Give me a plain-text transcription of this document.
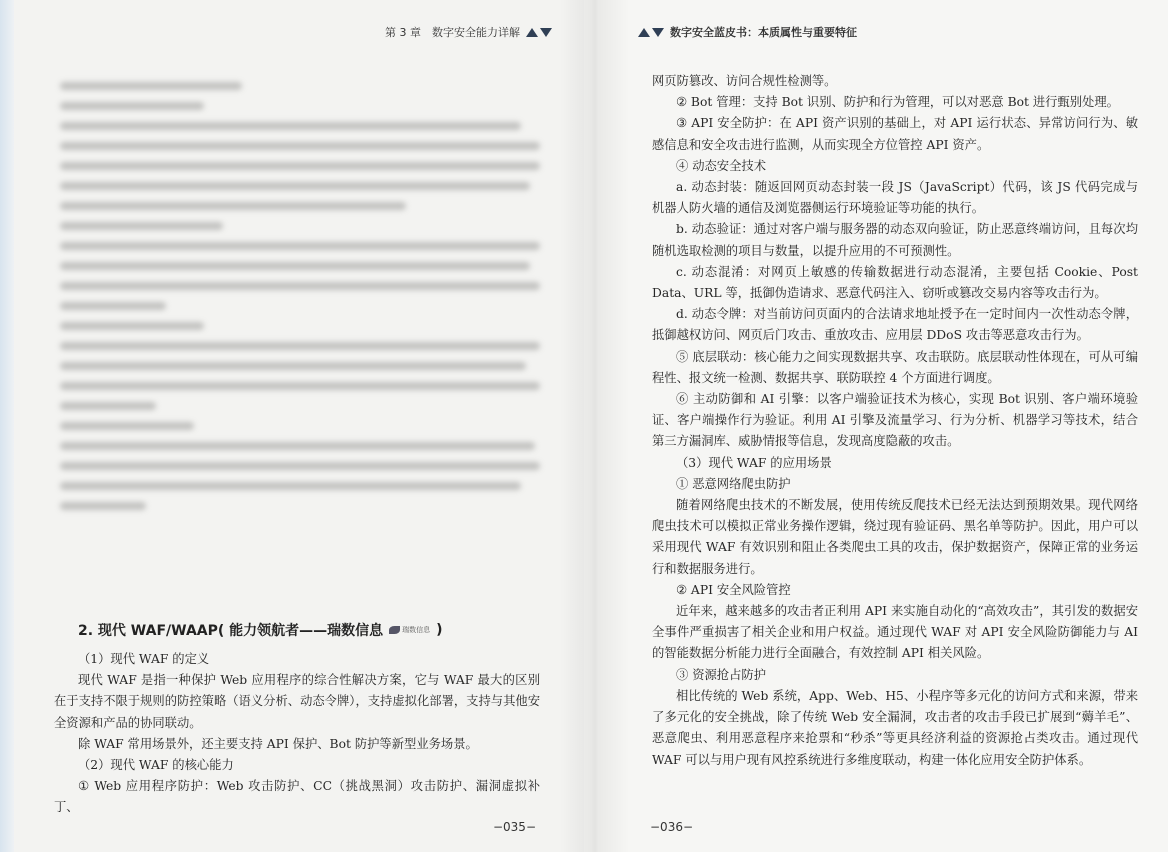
第 3 章　数字安全能力详解
2. 现代 WAF/WAAP( 能力领航者——瑞数信息	瑞数信息 )

（1）现代 WAF 的定义

现代 WAF 是指一种保护 Web 应用程序的综合性解决方案，它与 WAF 最大的区别在于支持不限于规则的防控策略（语义分析、动态令牌），支持虚拟化部署，支持与其他安全资源和产品的协同联动。

除 WAF 常用场景外，还主要支持 API 保护、Bot 防护等新型业务场景。

（2）现代 WAF 的核心能力

① Web 应用程序防护：Web 攻击防护、CC（挑战黑洞）攻击防护、漏洞虚拟补丁、

−035−
数字安全蓝皮书：本质属性与重要特征

网页防篡改、访问合规性检测等。

② Bot 管理：支持 Bot 识别、防护和行为管理，可以对恶意 Bot 进行甄别处理。

③ API 安全防护：在 API 资产识别的基础上，对 API 运行状态、异常访问行为、敏感信息和安全攻击进行监测，从而实现全方位管控 API 资产。

④ 动态安全技术

a. 动态封装：随返回网页动态封装一段 JS（JavaScript）代码，该 JS 代码完成与机器人防火墙的通信及浏览器侧运行环境验证等功能的执行。

b. 动态验证：通过对客户端与服务器的动态双向验证，防止恶意终端访问，且每次均随机选取检测的项目与数量，以提升应用的不可预测性。

c. 动态混淆：对网页上敏感的传输数据进行动态混淆，主要包括 Cookie、Post Data、URL 等，抵御伪造请求、恶意代码注入、窃听或篡改交易内容等攻击行为。

d. 动态令牌：对当前访问页面内的合法请求地址授予在一定时间内一次性动态令牌，抵御越权访问、网页后门攻击、重放攻击、应用层 DDoS 攻击等恶意攻击行为。

⑤ 底层联动：核心能力之间实现数据共享、攻击联防。底层联动性体现在，可从可编程性、报文统一检测、数据共享、联防联控 4 个方面进行调度。

⑥ 主动防御和 AI 引擎：以客户端验证技术为核心，实现 Bot 识别、客户端环境验证、客户端操作行为验证。利用 AI 引擎及流量学习、行为分析、机器学习等技术，结合第三方漏洞库、威胁情报等信息，发现高度隐蔽的攻击。

（3）现代 WAF 的应用场景

① 恶意网络爬虫防护

随着网络爬虫技术的不断发展，使用传统反爬技术已经无法达到预期效果。现代网络爬虫技术可以模拟正常业务操作逻辑，绕过现有验证码、黑名单等防护。因此，用户可以采用现代 WAF 有效识别和阻止各类爬虫工具的攻击，保护数据资产，保障正常的业务运行和数据服务进行。

② API 安全风险管控

近年来，越来越多的攻击者正利用 API 来实施自动化的“高效攻击”，其引发的数据安全事件严重损害了相关企业和用户权益。通过现代 WAF 对 API 安全风险防御能力与 AI 的智能数据分析能力进行全面融合，有效控制 API 相关风险。

③ 资源抢占防护

相比传统的 Web 系统，App、Web、H5、小程序等多元化的访问方式和来源，带来了多元化的安全挑战，除了传统 Web 安全漏洞，攻击者的攻击手段已扩展到“薅羊毛”、恶意爬虫、利用恶意程序来抢票和“秒杀”等更具经济利益的资源抢占类攻击。通过现代 WAF 可以与用户现有风控系统进行多维度联动，构建一体化应用安全防护体系。

−036−
